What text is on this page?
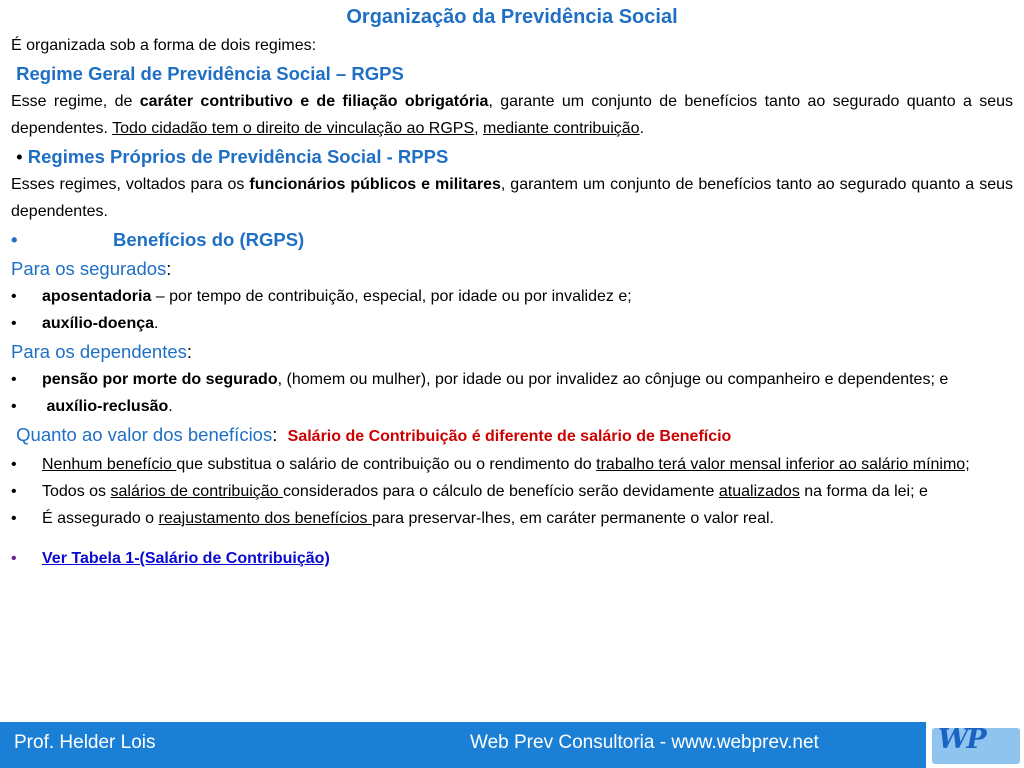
Organização da Previdência Social

É organizada sob a forma de dois regimes:

Regime Geral de Previdência Social – RGPS

Esse regime, de caráter contributivo e de filiação obrigatória, garante um conjunto de benefícios tanto ao segurado quanto a seus dependentes. Todo cidadão tem o direito de vinculação ao RGPS, mediante contribuição.

• Regimes Próprios de Previdência Social - RPPS

Esses regimes, voltados para os funcionários públicos e militares, garantem um conjunto de benefícios tanto ao segurado quanto a seus dependentes.

•	Benefícios do (RGPS)
Para os segurados:
•	aposentadoria – por tempo de contribuição, especial, por idade ou por invalidez e;
•	auxílio-doença.
Para os dependentes:
•	pensão por morte do segurado, (homem ou mulher), por idade ou por invalidez ao cônjuge ou companheiro e dependentes; e
•	auxílio-reclusão.
Quanto ao valor dos benefícios: Salário de Contribuição é diferente de salário de Benefício
•	Nenhum benefício que substitua o salário de contribuição ou o rendimento do trabalho terá valor mensal inferior ao salário mínimo;
•	Todos os salários de contribuição considerados para o cálculo de benefício serão devidamente atualizados na forma da lei; e
•	É assegurado o reajustamento dos benefícios para preservar-lhes, em caráter permanente o valor real.
•	Ver Tabela 1-(Salário de Contribuição)
Prof. Helder Lois	Web Prev Consultoria - www.webprev.net	WP
